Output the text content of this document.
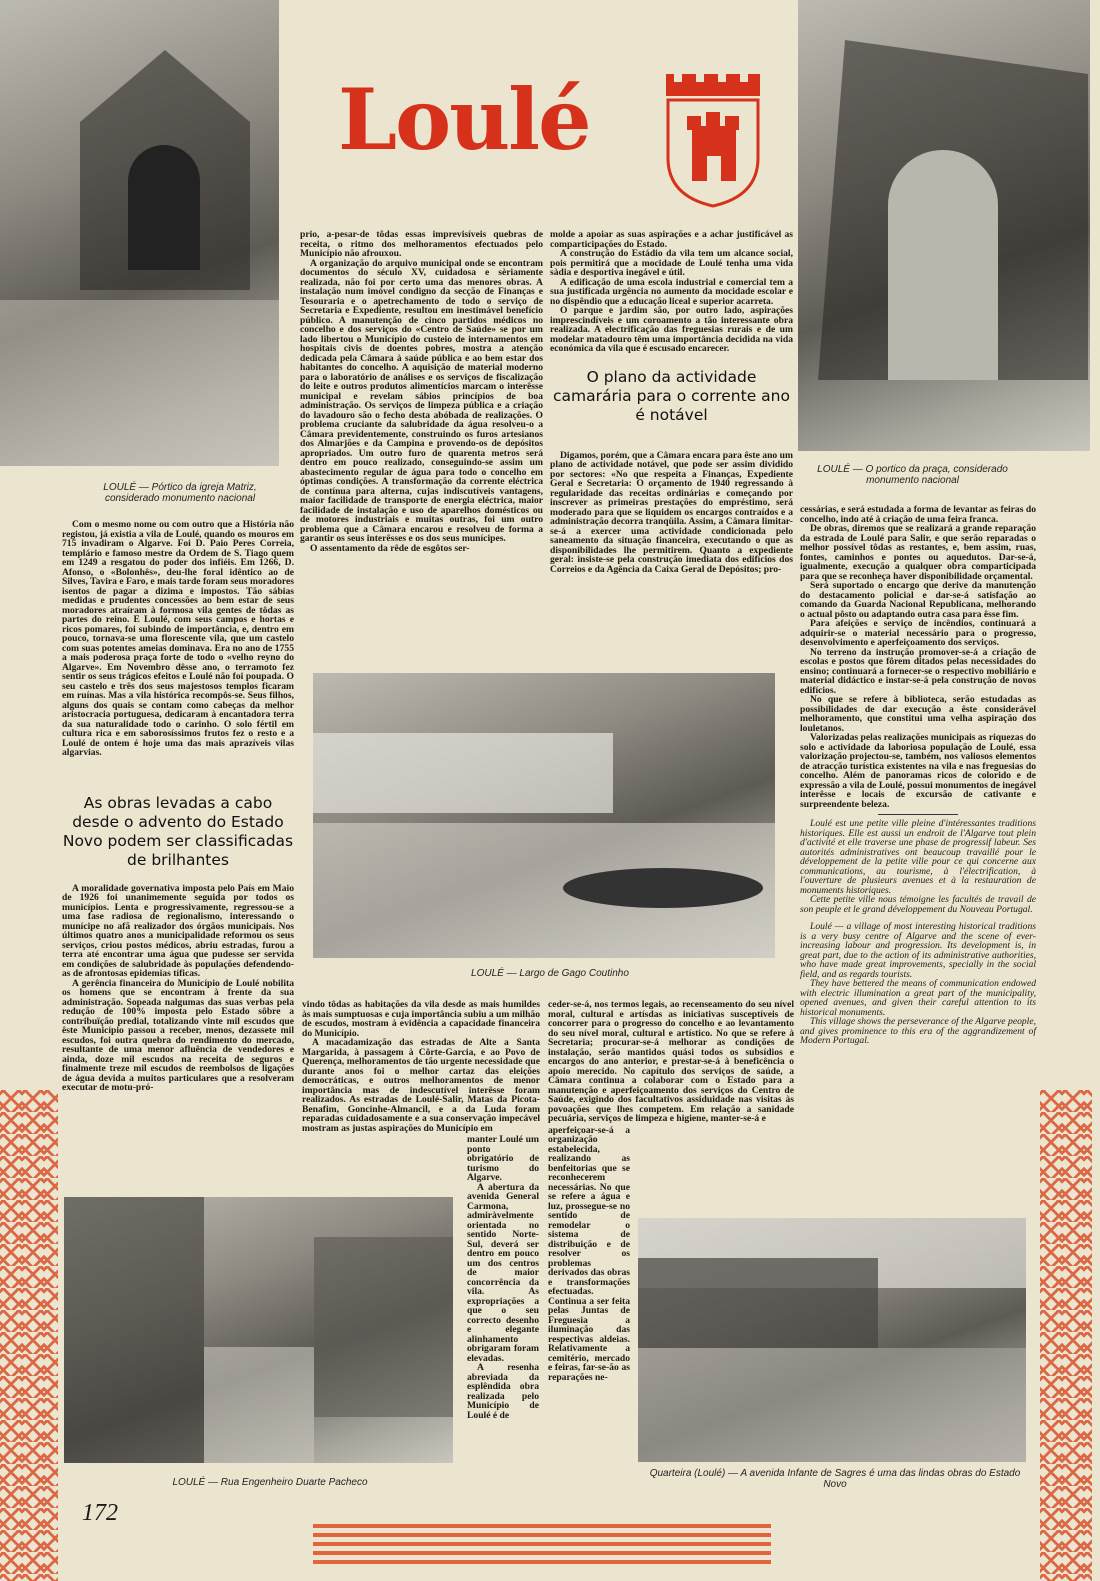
Loulé
LOULÉ — Pórtico da igreja Matriz, considerado monumento nacional
LOULÉ — O portico da praça, considerado monumento nacional
LOULÉ — Largo de Gago Coutinho
LOULÉ — Rua Engenheiro Duarte Pacheco
Quarteira (Loulé) — A avenida Infante de Sagres é uma das lindas obras do Estado Novo

Com o mesmo nome ou com outro que a História não registou, já existia a vila de Loulé, quando os mouros em 715 invadiram o Algarve. Foi D. Paio Peres Correia, templário e famoso mestre da Ordem de S. Tiago quem em 1249 a resgatou do poder dos infiéis. Em 1266, D. Afonso, o «Bolonhês», deu-lhe foral idêntico ao de Silves, Tavira e Faro, e mais tarde foram seus moradores isentos de pagar a dizima e impostos. Tão sábias medidas e prudentes concessões ao bem estar de seus moradores atraíram à formosa vila gentes de tôdas as partes do reino. E Loulé, com seus campos e hortas e ricos pomares, foi subindo de importância, e, dentro em pouco, tornava-se uma florescente vila, que um castelo com suas potentes ameias dominava. Era no ano de 1755 a mais poderosa praça forte de todo o «velho reyno do Algarve». Em Novembro dêsse ano, o terramoto fez sentir os seus trágicos efeitos e Loulé não foi poupada. O seu castelo e três dos seus majestosos templos ficaram em ruínas. Mas a vila histórica recompôs-se. Seus filhos, alguns dos quais se contam como cabeças da melhor aristocracia portuguesa, dedicaram à encantadora terra da sua naturalidade todo o carinho. O solo fértil em cultura rica e em saborosíssimos frutos fez o resto e a Loulé de ontem é hoje uma das mais aprazíveis vilas algarvias.

As obras levadas a cabo desde o advento do Estado Novo podem ser classificadas de brilhantes

A moralidade governativa imposta pelo País em Maio de 1926 foi unanimemente seguida por todos os municípios. Lenta e progressivamente, regressou-se a uma fase radiosa de regionalismo, interessando o munícipe no afã realizador dos órgãos municipais. Nos últimos quatro anos a municipalidade reformou os seus serviços, criou postos médicos, abriu estradas, furou a terra até encontrar uma água que pudesse ser servida em condições de salubridade às populações defendendo-as de afrontosas epidemias tíficas.

A gerência financeira do Município de Loulé nobilita os homens que se encontram à frente da sua administração. Sopeada nalgumas das suas verbas pela redução de 100% imposta pelo Estado sôbre a contribuïção predial, totalizando vinte mil escudos que êste Município passou a receber, menos, dezassete mil escudos, foi outra quebra do rendimento do mercado, resultante de uma menor afluência de vendedores e ainda, doze mil escudos na receita de seguros e finalmente treze mil escudos de reembolsos de ligações de água devida a muitos particulares que a resolveram executar de motu-pró-

prio, a-pesar-de tôdas essas imprevisíveis quebras de receita, o ritmo dos melhoramentos efectuados pelo Município não afrouxou.

A organização do arquivo municipal onde se encontram documentos do século XV, cuidadosa e sèriamente realizada, não foi por certo uma das menores obras. A instalação num imóvel condigno da secção de Finanças e Tesouraria e o apetrechamento de todo o serviço de Secretaria e Expediente, resultou em inestimável benefício público. A manutenção de cinco partidos médicos no concelho e dos serviços do «Centro de Saúde» se por um lado libertou o Município do custeio de internamentos em hospitais civis de doentes pobres, mostra a atenção dedicada pela Câmara à saúde pública e ao bem estar dos habitantes do concelho. A aquisição de material moderno para o laboratório de análises e os serviços de fiscalização do leite e outros produtos alimentícios marcam o interêsse municipal e revelam sábios princípios de boa administração. Os serviços de limpeza pública e a criação do lavadouro são o fecho desta abóbada de realizações. O problema cruciante da salubridade da água resolveu-o a Câmara previdentemente, construindo os furos artesianos dos Almarjões e da Campina e provendo-os de depósitos apropriados. Um outro furo de quarenta metros será dentro em pouco realizado, conseguindo-se assim um abastecimento regular de água para todo o concelho em óptimas condições. A transformação da corrente eléctrica de contínua para alterna, cujas indiscutíveis vantagens, maior facilidade de transporte de energia eléctrica, maior facilidade de instalação e uso de aparelhos domésticos ou de motores industriais e muitas outras, foi um outro problema que a Câmara encarou e resolveu de forma a garantir os seus interêsses e os dos seus munícipes.

O assentamento da rêde de esgôtos ser-

molde a apoiar as suas aspirações e a achar justificável as comparticipações do Estado.

A construção do Estádio da vila tem um alcance social, pois permitirá que a mocidade de Loulé tenha uma vida sàdia e desportiva inegável e útil.

A edificação de uma escola industrial e comercial tem a sua justificada urgência no aumento da mocidade escolar e no dispêndio que a educação liceal e superior acarreta.

O parque e jardim são, por outro lado, aspirações imprescindíveis e um coroamento a tão interessante obra realizada. A electrificação das freguesias rurais e de um modelar matadouro têm uma importância decidida na vida económica da vila que é escusado encarecer.

O plano da actividade camarária para o corrente ano é notável

Digamos, porém, que a Câmara encara para êste ano um plano de actividade notável, que pode ser assim dividido por sectores: «No que respeita a Finanças, Expediente Geral e Secretaria: O orçamento de 1940 regressando à regularidade das receitas ordinárias e começando por inscrever as primeiras prestações do empréstimo, será moderado para que se liquidem os encargos contraídos e a administração decorra tranqüila. Assim, a Câmara limitar-se-á a exercer uma actividade condicionada pelo saneamento da situação financeira, executando o que as disponibilidades lhe permitirem. Quanto a expediente geral: insiste-se pela construção imediata dos edifícios dos Correios e da Agência da Caixa Geral de Depósitos; pro-

cessárias, e será estudada a forma de levantar as feiras do concelho, indo até à criação de uma feira franca.

De obras, diremos que se realizará a grande reparação da estrada de Loulé para Salir, e que serão reparadas o melhor possível tôdas as restantes, e, bem assim, ruas, fontes, caminhos e pontes ou aquedutos. Dar-se-á, igualmente, execução a qualquer obra comparticipada para que se reconheça haver disponibilidade orçamental.

Será suportado o encargo que derive da manutenção do destacamento policial e dar-se-á satisfação ao comando da Guarda Nacional Republicana, melhorando o actual pôsto ou adaptando outra casa para êsse fim.

Para afeições e serviço de incêndios, continuará a adquirir-se o material necessário para o progresso, desenvolvimento e aperfeiçoamento dos serviços.

No terreno da instrução promover-se-á a criação de escolas e postos que fôrem ditados pelas necessidades do ensino; continuará a fornecer-se o respectivo mobiliário e material didáctico e instar-se-á pela construção de novos edifícios.

No que se refere à biblioteca, serão estudadas as possibilidades de dar execução a êste considerável melhoramento, que constitui uma velha aspiração dos louletanos.

Valorizadas pelas realizações municipais as riquezas do solo e actividade da laboriosa população de Loulé, essa valorização projectou-se, também, nos valiosos elementos de atracção turística existentes na vila e nas freguesias do concelho. Além de panoramas ricos de colorido e de expressão a vila de Loulé, possui monumentos de inegável interêsse e locais de excursão de cativante e surpreendente beleza.

Loulé est une petite ville pleine d'intéressantes traditions historiques. Elle est aussi un endroit de l'Algarve tout plein d'activité et elle traverse une phase de progressif labeur. Ses autorités administratives ont beaucoup travaillé pour le développement de la petite ville pour ce qui concerne aux communications, au tourisme, à l'électrification, à l'ouverture de plusieurs avenues et à la restauration de monuments historiques.

Cette petite ville nous témoigne les facultés de travail de son peuple et le grand développement du Nouveau Portugal.

Loulé — a village of most interesting historical traditions is a very busy centre of Algarve and the scene of ever-increasing labour and progression. Its development is, in great part, due to the action of its administrative authorities, who have made great improvements, specially in the social field, and as regards tourists.

They have bettered the means of communication endowed with electric illumination a great part of the municipality, opened avenues, and given their careful attention to its historical monuments.

This village shows the perseverance of the Algarve people, and gives prominence to this era of the aggrandizement of Modern Portugal.

vindo tôdas as habitações da vila desde as mais humildes às mais sumptuosas e cuja importância subiu a um milhão de escudos, mostram à evidência a capacidade financeira do Município.

A macadamização das estradas de Alte a Santa Margarida, à passagem à Côrte-Garcia, e ao Povo de Querença, melhoramentos de tão urgente necessidade que durante anos foi o melhor cartaz das eleições democráticas, e outros melhoramentos de menor importância mas de indescutível interêsse foram realizados. As estradas de Loulé-Salir, Matas da Picota-Benafim, Goncinhe-Almancil, e a da Luda foram reparadas cuidadosamente e a sua conservação impecável mostram as justas aspirações do Município em

manter Loulé um ponto obrigatório de turismo do Algarve.

A abertura da avenida General Carmona, admiràvelmente orientada no sentido Norte-Sul, deverá ser dentro em pouco um dos centros de maior concorrência da vila. As expropriações a que o seu correcto desenho e elegante alinhamento obrigaram foram elevadas.

A resenha abreviada da esplêndida obra realizada pelo Município de Loulé é de

ceder-se-á, nos termos legais, ao recenseamento do seu nível moral, cultural e artísdas as iniciativas susceptíveis de concorrer para o progresso do concelho e ao levantamento do seu nível moral, cultural e artístico. No que se refere à Secretaria; procurar-se-á melhorar as condições de instalação, serão mantidos quási todos os subsídios e encargos do ano anterior, e prestar-se-á à beneficência o apoio merecido. No capítulo dos serviços de saúde, a Câmara continua a colaborar com o Estado para a manutenção e aperfeiçoamento dos serviços do Centro de Saúde, exigindo dos facultativos assiduidade nas visitas às povoações que lhes competem. Em relação a sanidade pecuária, serviços de limpeza e higiene, manter-se-á e

aperfeiçoar-se-á a organização estabelecida, realizando as benfeitorias que se reconhecerem necessárias. No que se refere a água e luz, prossegue-se no sentido de remodelar o sistema de distribuição e de resolver os problemas derivados das obras e transformações efectuadas. Continua a ser feita pelas Juntas de Freguesia a iluminação das respectivas aldeias. Relativamente a cemitério, mercado e feiras, far-se-ão as reparações ne-

172
